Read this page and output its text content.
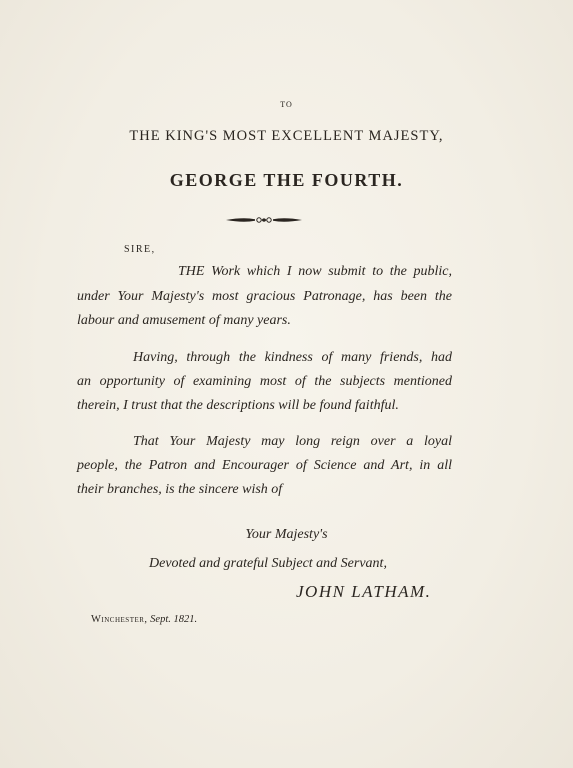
TO
THE KING'S MOST EXCELLENT MAJESTY,
GEORGE THE FOURTH.
SIRE,
THE Work which I now submit to the public,
under Your Majesty's most gracious Patronage, has been the
labour and amusement of many years.
Having, through the kindness of many friends, had
an opportunity of examining most of the subjects mentioned
therein, I trust that the descriptions will be found faithful.
That Your Majesty may long reign over a loyal
people, the Patron and Encourager of Science and Art, in all
their branches, is the sincere wish of
Your Majesty's
Devoted and grateful Subject and Servant,
JOHN LATHAM.
Winchester, Sept. 1821.
